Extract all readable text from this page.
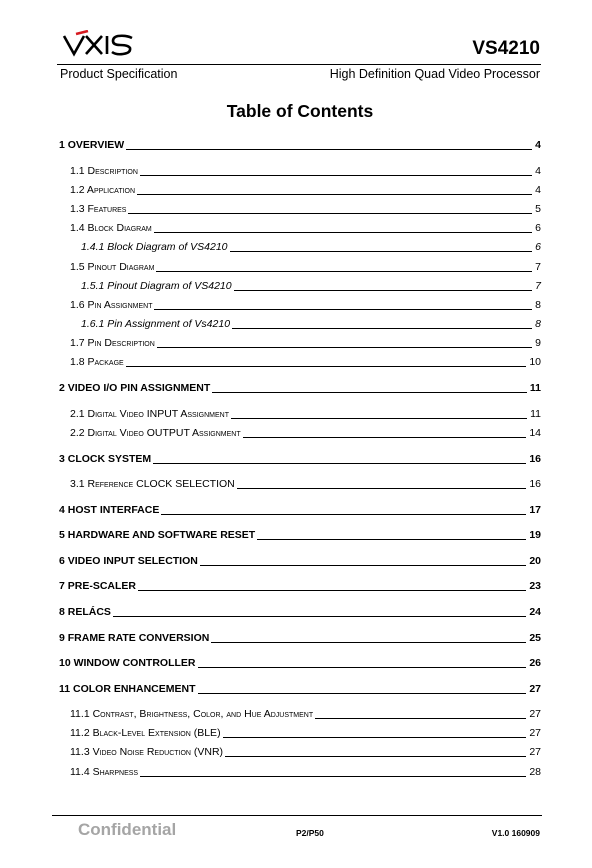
VS4210
Product Specification	High Definition Quad Video Processor
Table of Contents
1 OVERVIEW	4
1.1 Description	4
1.2 Application	4
1.3 Features	5
1.4 Block Diagram	6
1.4.1 Block Diagram of VS4210	6
1.5 Pinout Diagram	7
1.5.1 Pinout Diagram of VS4210	7
1.6 Pin Assignment	8
1.6.1 Pin Assignment of Vs4210	8
1.7 Pin Description	9
1.8 Package	10
2 VIDEO I/O PIN ASSIGNMENT	11
2.1 Digital Video INPUT Assignment	11
2.2 Digital Video OUTPUT Assignment	14
3 CLOCK SYSTEM	16
3.1 Reference CLOCK SELECTION	16
4 HOST INTERFACE	17
5 HARDWARE AND SOFTWARE RESET	19
6 VIDEO INPUT SELECTION	20
7 PRE-SCALER	23
8 RELÁCS	24
9 FRAME RATE CONVERSION	25
10 WINDOW CONTROLLER	26
11 COLOR ENHANCEMENT	27
11.1 Contrast, Brightness, Color, and Hue Adjustment	27
11.2 Black-Level Extension (BLE)	27
11.3 Video Noise Reduction (VNR)	27
11.4 Sharpness	28
Confidential	P2/P50	V1.0 160909
